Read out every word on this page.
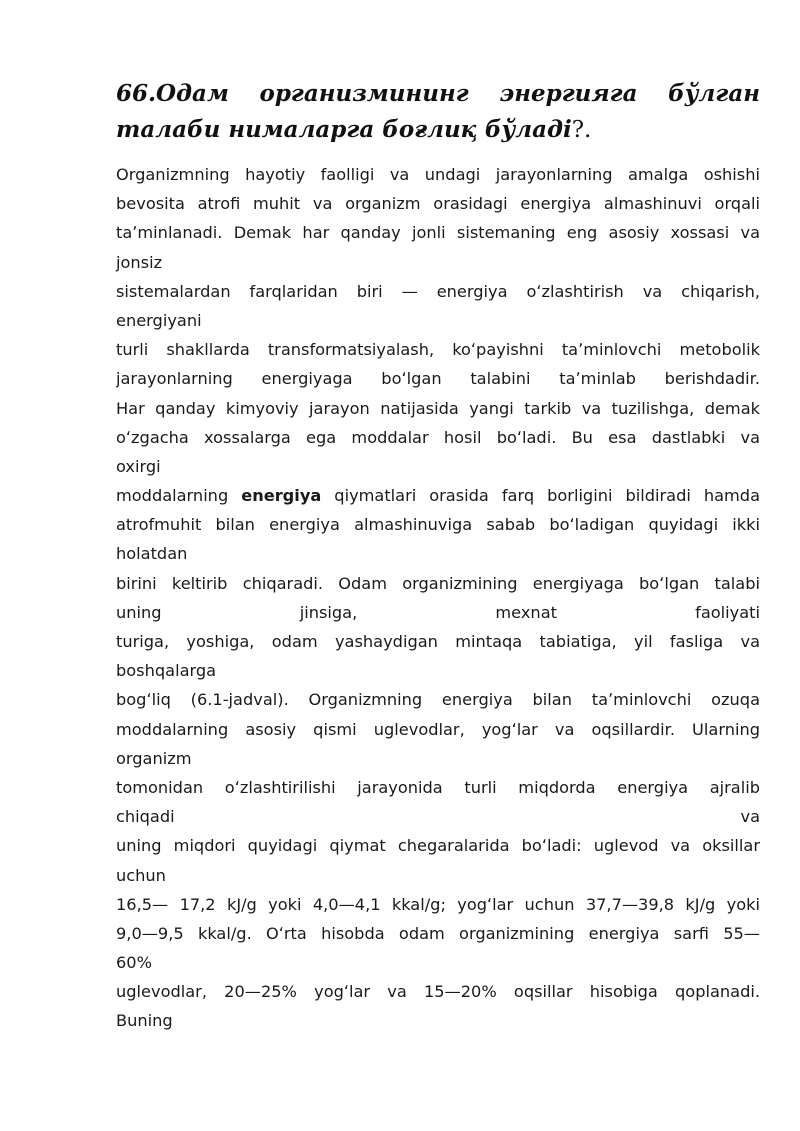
66.Одам организмининг энергияга бўлган талаби нималарга боғлиқ бўладі?.
Organizmning hayotiy faolligi va undagi jarayonlarning amalga oshishi
bevosita atrofi muhit va organizm orasidagi energiya almashinuvi orqali
taʼminlanadi. Demak har qanday jonli sistemaning eng asosiy xossasi va
jonsiz
sistemalardan farqlaridan biri — energiya oʻzlashtirish va chiqarish,
energiyani
turli shakllarda transformatsiyalash, koʻpayishni taʼminlovchi metobolik
jarayonlarning energiyaga boʻlgan talabini taʼminlab berishdadir.
Har qanday kimyoviy jarayon natijasida yangi tarkib va tuzilishga, demak
oʻzgacha xossalarga ega moddalar hosil boʻladi. Bu esa dastlabki va
oxirgi
moddalarning energiya qiymatlari orasida farq borligini bildiradi hamda
atrofmuhit bilan energiya almashinuviga sabab boʻladigan quyidagi ikki
holatdan
birini keltirib chiqaradi. Odam organizmining energiyaga boʻlgan talabi
uning jinsiga, mexnat faoliyati
turiga, yoshiga, odam yashaydigan mintaqa tabiatiga, yil fasliga va
boshqalarga
bogʻliq (6.1-jadval). Organizmning energiya bilan taʼminlovchi ozuqa
moddalarning asosiy qismi uglevodlar, yogʻlar va oqsillardir. Ularning
organizm
tomonidan oʻzlashtirilishi jarayonida turli miqdorda energiya ajralib
chiqadi va
uning miqdori quyidagi qiymat chegaralarida boʻladi: uglevod va oksillar
uchun
16,5— 17,2 kJ/g yoki 4,0—4,1 kkal/g; yogʻlar uchun 37,7—39,8 kJ/g yoki
9,0—9,5 kkal/g. Oʻrta hisobda odam organizmining energiya sarfi 55—
60%
uglevodlar, 20—25% yogʻlar va 15—20% oqsillar hisobiga qoplanadi.
Buning
